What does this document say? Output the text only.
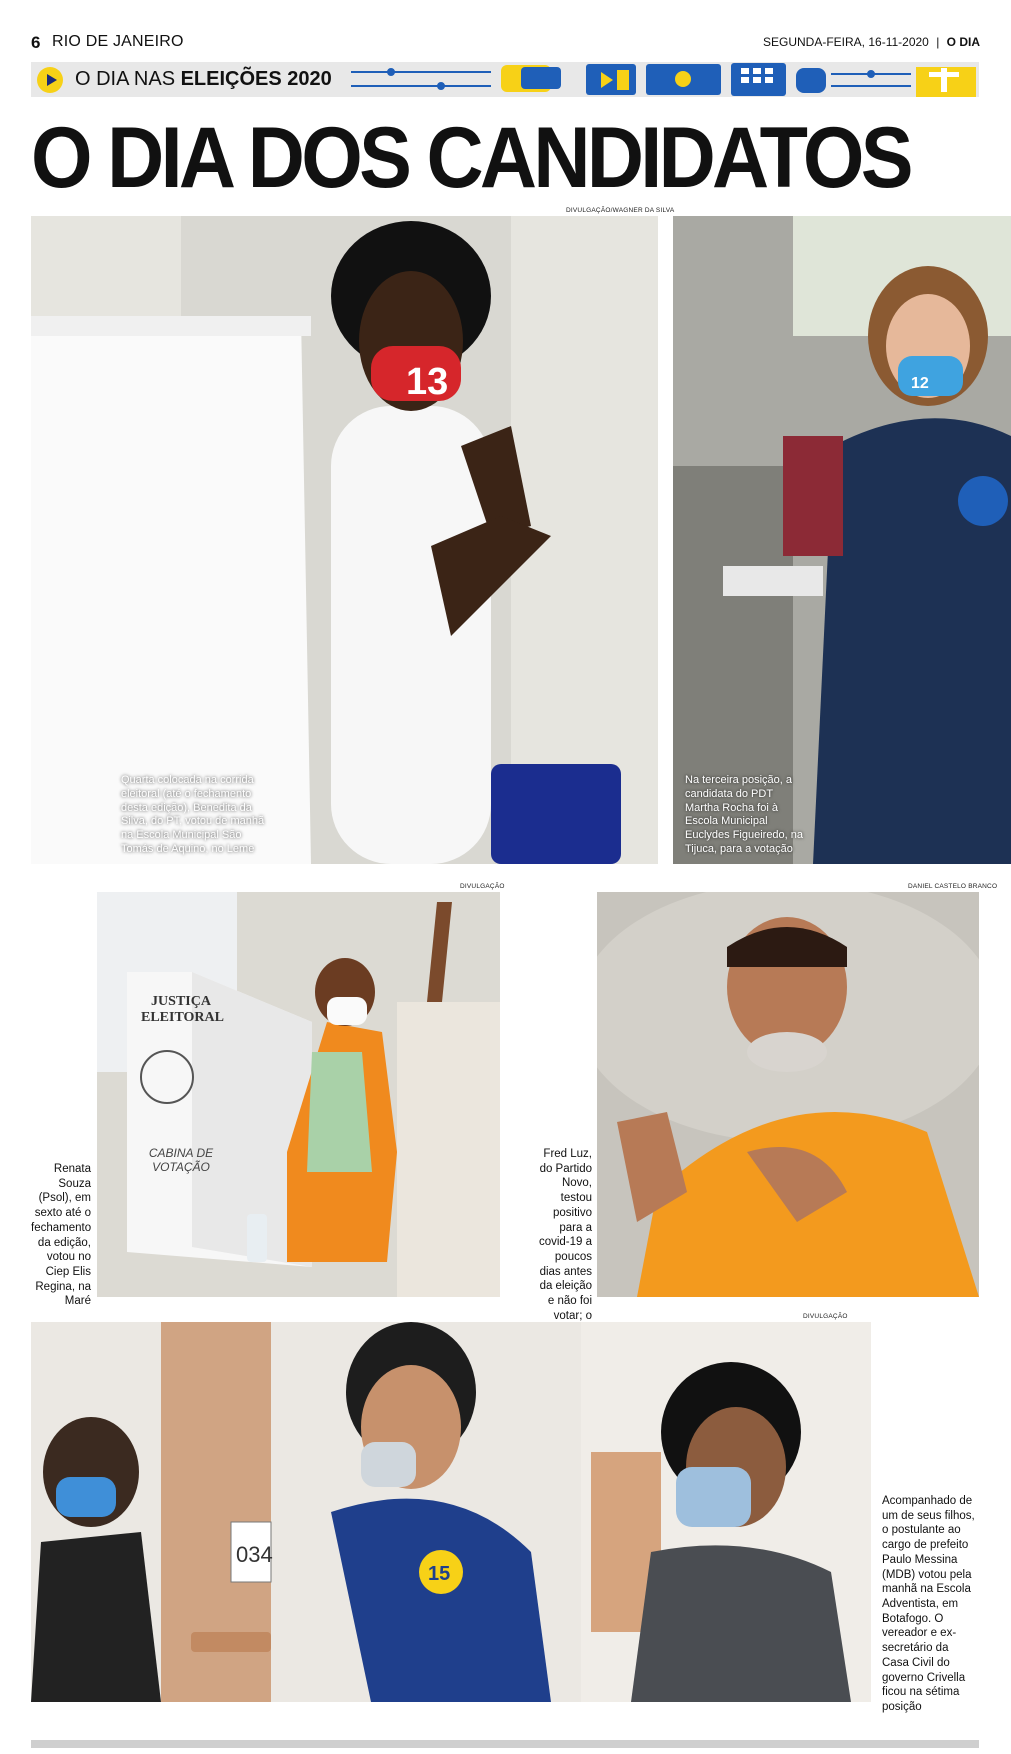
6 RIO DE JANEIRO	SEGUNDA-FEIRA, 16-11-2020 | O DIA
O DIA NAS ELEIÇÕES 2020
O DIA DOS CANDIDATOS
DIVULGAÇÃO/WAGNER DA SILVA
13
Quarta colocada na corrida eleitoral (até o fechamento desta edição), Benedita da Silva, do PT, votou de manhã na Escola Municipal São Tomás de Aquino, no Leme
12
Na terceira posição, a candidata do PDT Martha Rocha foi à Escola Municipal Euclydes Figueiredo, na Tijuca, para a votação
DIVULGAÇÃO	DANIEL CASTELO BRANCO
JUSTIÇA ELEITORAL
CABINA DE VOTAÇÃO
Renata Souza (Psol), em sexto até o fechamento da edição, votou no Ciep Elis Regina, na Maré
Fred Luz, do Partido Novo, testou positivo para a covid-19 a poucos dias antes da eleição e não foi votar; o	DIVULGAÇÃO
034
15
Acompanhado de um de seus filhos, o postulante ao cargo de prefeito Paulo Messina (MDB) votou pela manhã na Escola Adventista, em Botafogo. O vereador e ex-secretário da Casa Civil do governo Crivella ficou na sétima posição
